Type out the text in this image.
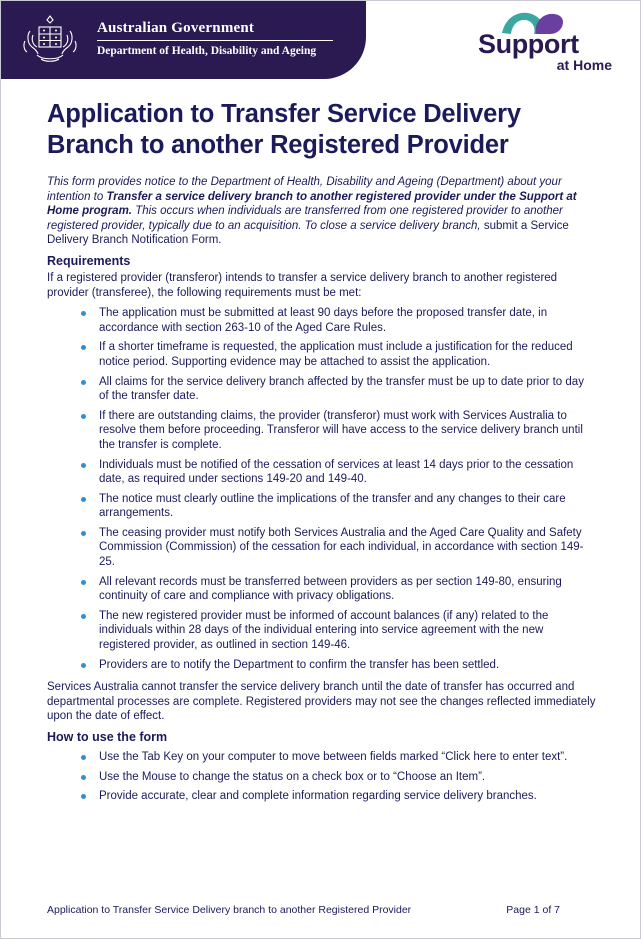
Australian Government
Department of Health, Disability and Ageing	Support
at Home
Application to Transfer Service Delivery Branch to another Registered Provider

This form provides notice to the Department of Health, Disability and Ageing (Department) about your intention to Transfer a service delivery branch to another registered provider under the Support at Home program. This occurs when individuals are transferred from one registered provider to another registered provider, typically due to an acquisition. To close a service delivery branch, submit a Service Delivery Branch Notification Form.

Requirements

If a registered provider (transferor) intends to transfer a service delivery branch to another registered provider (transferee), the following requirements must be met:

The application must be submitted at least 90 days before the proposed transfer date, in accordance with section 263-10 of the Aged Care Rules.
If a shorter timeframe is requested, the application must include a justification for the reduced notice period. Supporting evidence may be attached to assist the application.
All claims for the service delivery branch affected by the transfer must be up to date prior to day of the transfer date.
If there are outstanding claims, the provider (transferor) must work with Services Australia to resolve them before proceeding. Transferor will have access to the service delivery branch until the transfer is complete.
Individuals must be notified of the cessation of services at least 14 days prior to the cessation date, as required under sections 149-20 and 149-40.
The notice must clearly outline the implications of the transfer and any changes to their care arrangements.
The ceasing provider must notify both Services Australia and the Aged Care Quality and Safety Commission (Commission) of the cessation for each individual, in accordance with section 149-25.
All relevant records must be transferred between providers as per section 149-80, ensuring continuity of care and compliance with privacy obligations.
The new registered provider must be informed of account balances (if any) related to the individuals within 28 days of the individual entering into service agreement with the new registered provider, as outlined in section 149-46.
Providers are to notify the Department to confirm the transfer has been settled.

Services Australia cannot transfer the service delivery branch until the date of transfer has occurred and departmental processes are complete. Registered providers may not see the changes reflected immediately upon the date of effect.

How to use the form
Use the Tab Key on your computer to move between fields marked “Click here to enter text”.
Use the Mouse to change the status on a check box or to “Choose an Item”.
Provide accurate, clear and complete information regarding service delivery branches.
Application to Transfer Service Delivery branch to another Registered Provider	Page 1 of 7
